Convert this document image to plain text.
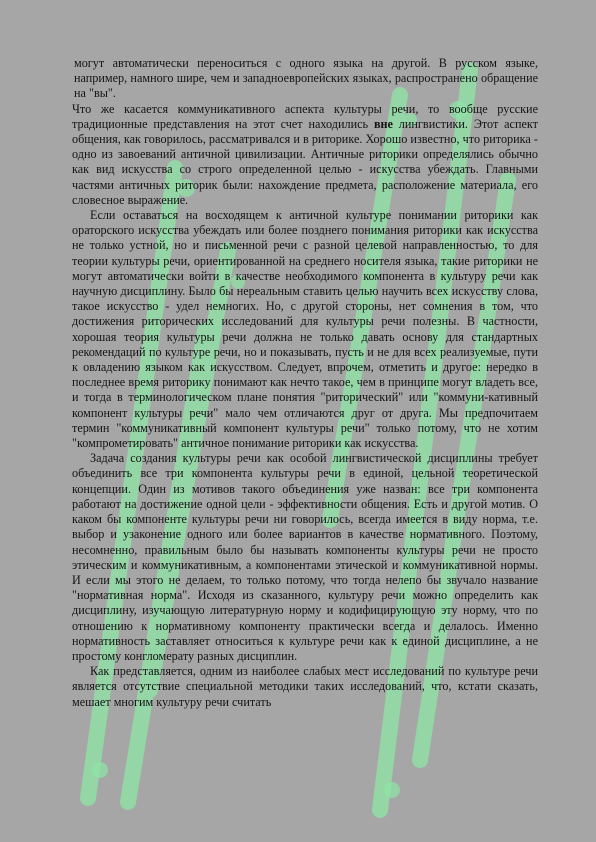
могут автоматически переноситься с одного языка на другой. В русском языке, например, намного шире, чем и западноевропейских языках, распространено обращение на "вы".

Что же касается коммуникативного аспекта культуры речи, то вообще русские традиционные представления на этот счет находились вне лингвистики. Этот аспект общения, как говорилось, рассматривался и в риторике. Хорошо известно, что риторика - одно из завоеваний античной цивилизации. Античные риторики определялись обычно как вид искусства со строго определенной целью - искусства убеждать. Главными частями античных риторик были: нахождение предмета, расположение материала, его словесное выражение.

Если оставаться на восходящем к античной культуре понимании риторики как ораторского искусства убеждать или более позднего понимания риторики как искусства не только устной, но и письменной речи с разной целевой направленностью, то для теории культуры речи, ориентированной на среднего носителя языка, такие риторики не могут автоматически войти в качестве необходимого компонента в культуру речи как научную дисциплину. Было бы нереальным ставить целью научить всех искусству слова, такое искусство - удел немногих. Но, с другой стороны, нет сомнения в том, что достижения риторических исследований для культуры речи полезны. В частности, хорошая теория культуры речи должна не только давать основу для стандартных рекомендаций по культуре речи, но и показывать, пусть и не для всех реализуемые, пути к овладению языком как искусством. Следует, впрочем, отметить и другое: нередко в последнее время риторику понимают как нечто такое, чем в принципе могут владеть все, и тогда в терминологическом плане понятия "риторический" или "коммуни-кативный компонент культуры речи" мало чем отличаются друг от друга. Мы предпочитаем термин "коммуникативный компонент культуры речи" только потому, что не хотим "компрометировать" античное понимание риторики как искусства.

Задача создания культуры речи как особой лингвистической дисциплины требует объединить все три компонента культуры речи в единой, цельной теоретической концепции. Один из мотивов такого объединения уже назван: все три компонента работают на достижение одной цели - эффективности общения. Есть и другой мотив. О каком бы компоненте культуры речи ни говорилось, всегда имеется в виду норма, т.е. выбор и узаконение одного или более вариантов в качестве нормативного. Поэтому, несомненно, правильным было бы называть компоненты культуры речи не просто этическим и коммуникативным, а компонентами этической и коммуникативной нормы. И если мы этого не делаем, то только потому, что тогда нелепо бы звучало название "нормативная норма". Исходя из сказанного, культуру речи можно определить как дисциплину, изучающую литературную норму и кодифицирующую эту норму, что по отношению к нормативному компоненту практически всегда и делалось. Именно нормативность заставляет относиться к культуре речи как к единой дисциплине, а не простому конгломерату разных дисциплин.

Как представляется, одним из наиболее слабых мест исследований по культуре речи является отсутствие специальной методики таких исследований, что, кстати сказать, мешает многим культуру речи считать
